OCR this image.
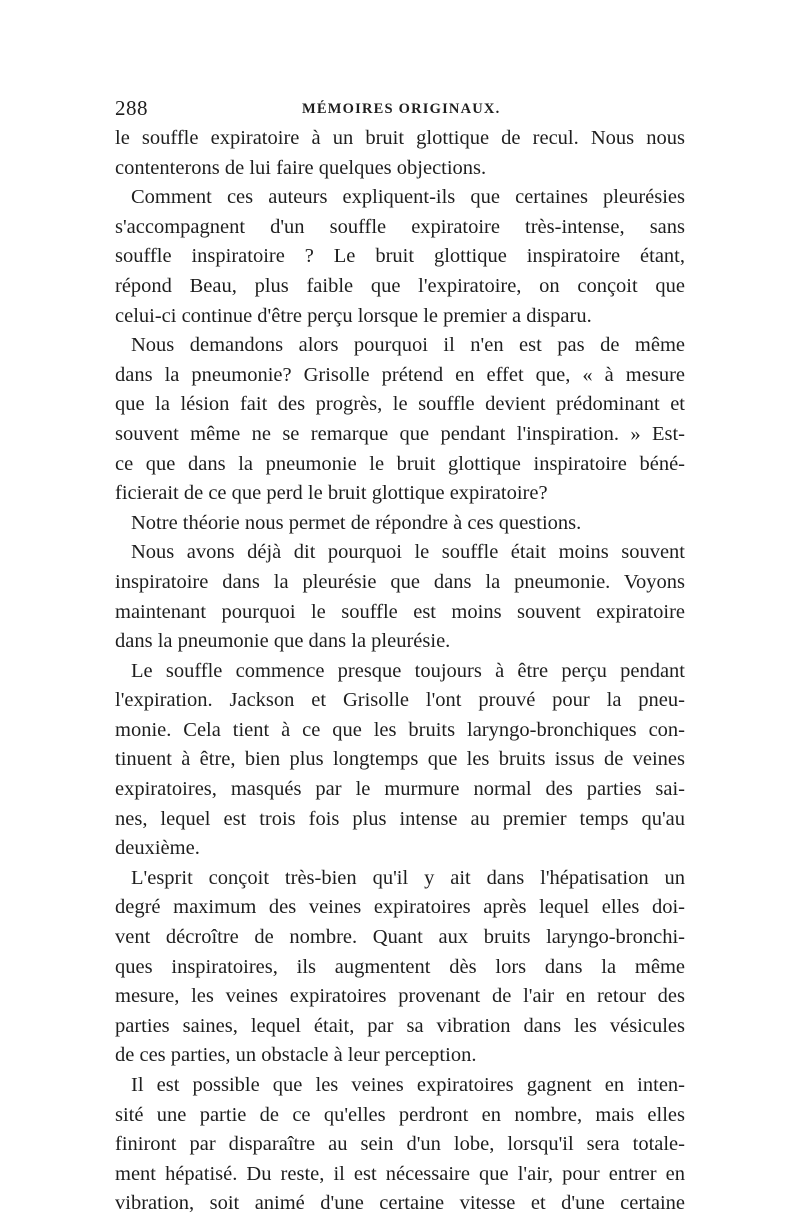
288	MÉMOIRES ORIGINAUX.
le souffle expiratoire à un bruit glottique de recul. Nous nous
contenterons de lui faire quelques objections.
Comment ces auteurs expliquent-ils que certaines pleurésies
s'accompagnent d'un souffle expiratoire très-intense, sans
souffle inspiratoire ? Le bruit glottique inspiratoire étant,
répond Beau, plus faible que l'expiratoire, on conçoit que
celui-ci continue d'être perçu lorsque le premier a disparu.
Nous demandons alors pourquoi il n'en est pas de même
dans la pneumonie? Grisolle prétend en effet que, « à mesure
que la lésion fait des progrès, le souffle devient prédominant et
souvent même ne se remarque que pendant l'inspiration. » Est-
ce que dans la pneumonie le bruit glottique inspiratoire béné-
ficierait de ce que perd le bruit glottique expiratoire?
Notre théorie nous permet de répondre à ces questions.
Nous avons déjà dit pourquoi le souffle était moins souvent
inspiratoire dans la pleurésie que dans la pneumonie. Voyons
maintenant pourquoi le souffle est moins souvent expiratoire
dans la pneumonie que dans la pleurésie.
Le souffle commence presque toujours à être perçu pendant
l'expiration. Jackson et Grisolle l'ont prouvé pour la pneu-
monie. Cela tient à ce que les bruits laryngo-bronchiques con-
tinuent à être, bien plus longtemps que les bruits issus de veines
expiratoires, masqués par le murmure normal des parties sai-
nes, lequel est trois fois plus intense au premier temps qu'au
deuxième.
L'esprit conçoit très-bien qu'il y ait dans l'hépatisation un
degré maximum des veines expiratoires après lequel elles doi-
vent décroître de nombre. Quant aux bruits laryngo-bronchi-
ques inspiratoires, ils augmentent dès lors dans la même
mesure, les veines expiratoires provenant de l'air en retour des
parties saines, lequel était, par sa vibration dans les vésicules
de ces parties, un obstacle à leur perception.
Il est possible que les veines expiratoires gagnent en inten-
sité une partie de ce qu'elles perdront en nombre, mais elles
finiront par disparaître au sein d'un lobe, lorsqu'il sera totale-
ment hépatisé. Du reste, il est nécessaire que l'air, pour entrer en
vibration, soit animé d'une certaine vitesse et d'une certaine
